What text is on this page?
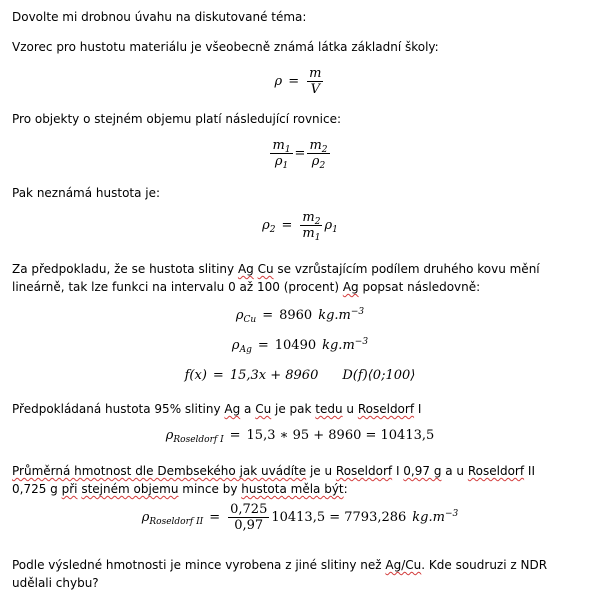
Dovolte mi drobnou úvahu na diskutované téma:
Vzorec pro hustotu materiálu je všeobecně známá látka základní školy:
$\rho = \frac{m}{V}$
Pro objekty o stejném objemu platí následující rovnice:
$\frac{m_1}{\rho_1} = \frac{m_2}{\rho_2}$
Pak neznámá hustota je:
$\rho_2 = \frac{m_2}{m_1} \rho_1$
Za předpokladu, že se hustota slitiny Ag Cu se vzrůstajícím podílem druhého kovu mění lineárně, tak lze funkci na intervalu 0 až 100 (procent) Ag popsat následovně:
$\rho_{Cu} = 8960$ $kg.m^{-3}$
$\rho_{Ag} = 10490$ $kg.m^{-3}$
f(x) = 15,3x + 8960 D(f)⟨0;100⟩
Předpokládaná hustota 95% slitiny Ag a Cu je pak tedu u Roseldorf I
$\rho_{Roseldorf I} = 15,3$ ∗ 95 + 8960 = 10413,5
Průměrná hmotnost dle Dembsekého jak uvádíte je u Roseldorf I 0,97 g a u Roseldorf II 0,725 g při stejném objemu mince by hustota měla být:
$\rho_{Roseldorf II} = \frac{0,725}{0,97} 10413,5 = 7793,286$ $kg.m^{-3}$
Podle výsledné hmotnosti je mince vyrobena z jiné slitiny než Ag/Cu. Kde soudruzi z NDR udělali chybu?
